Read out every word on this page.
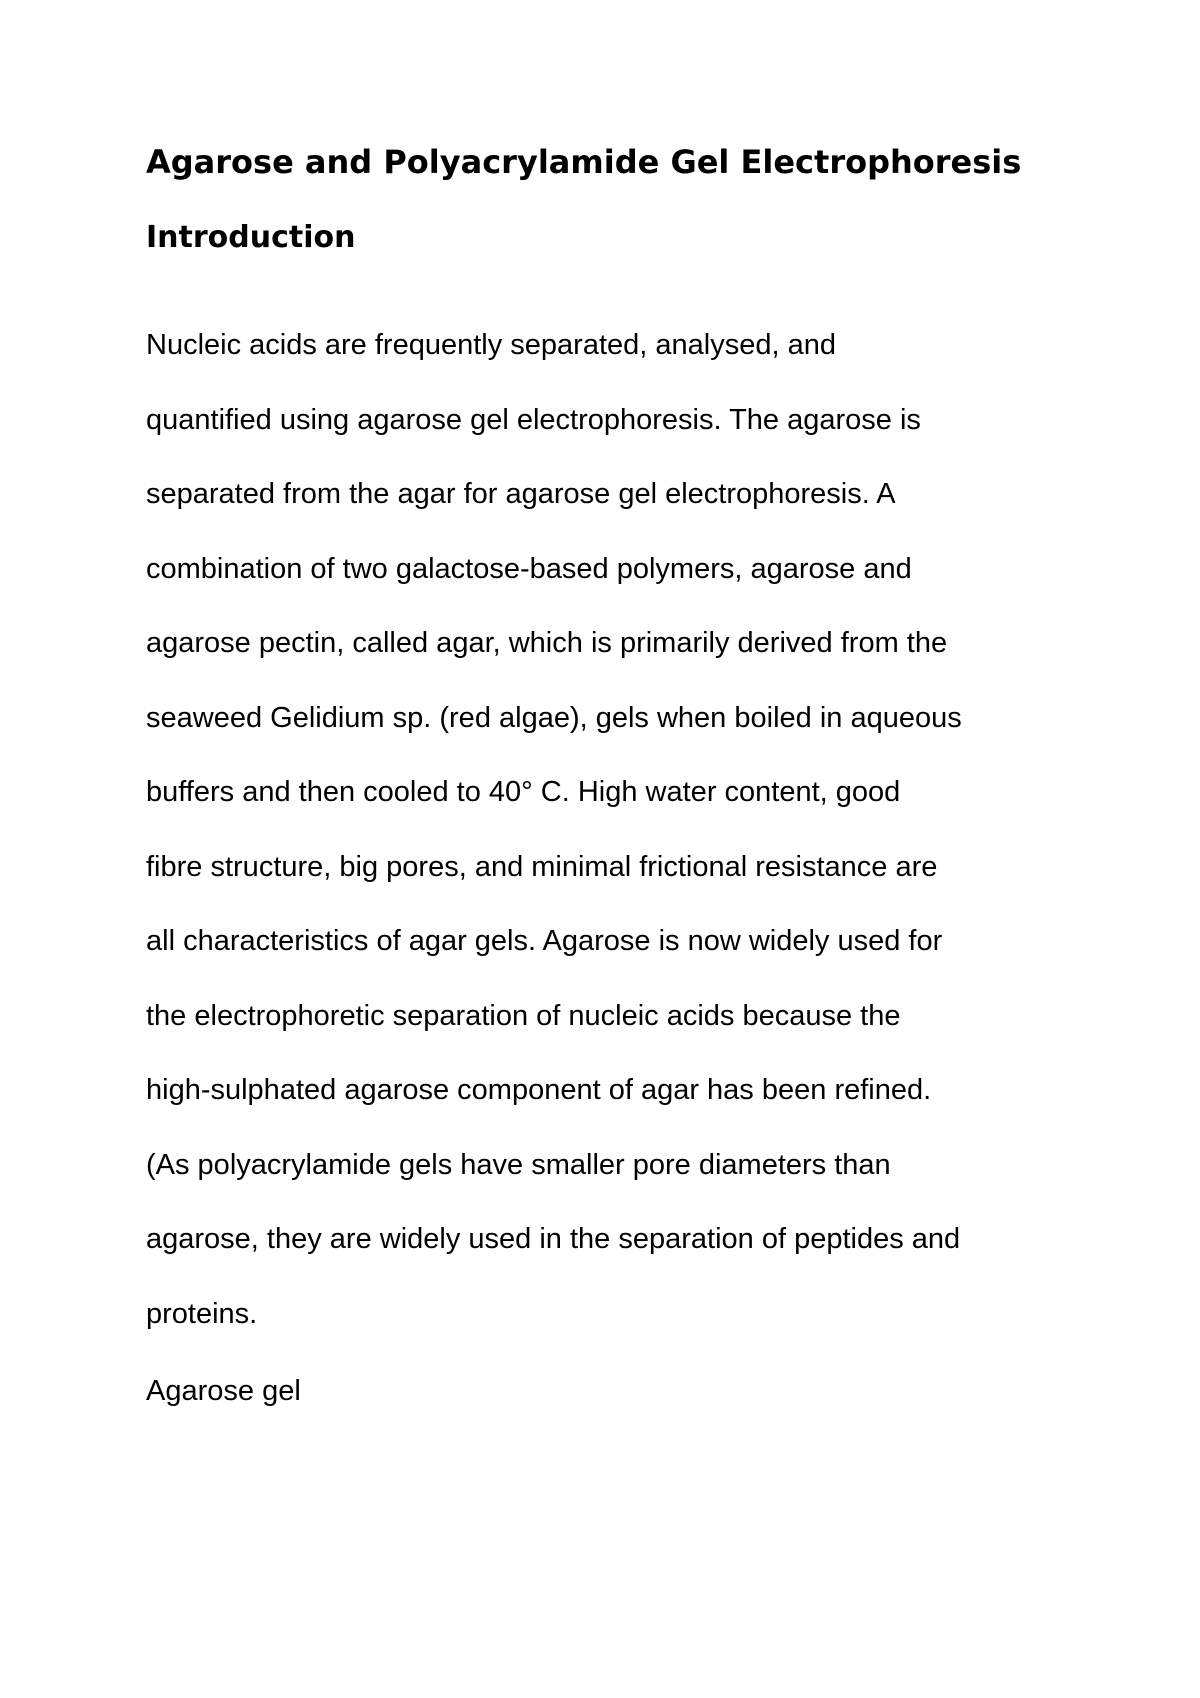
Agarose and Polyacrylamide Gel Electrophoresis
Introduction

Nucleic acids are frequently separated, analysed, and
quantified using agarose gel electrophoresis. The agarose is
separated from the agar for agarose gel electrophoresis. A
combination of two galactose-based polymers, agarose and
agarose pectin, called agar, which is primarily derived from the
seaweed Gelidium sp. (red algae), gels when boiled in aqueous
buffers and then cooled to 40° C. High water content, good
fibre structure, big pores, and minimal frictional resistance are
all characteristics of agar gels. Agarose is now widely used for
the electrophoretic separation of nucleic acids because the
high-sulphated agarose component of agar has been refined.
(As polyacrylamide gels have smaller pore diameters than
agarose, they are widely used in the separation of peptides and
proteins.

Agarose gel
